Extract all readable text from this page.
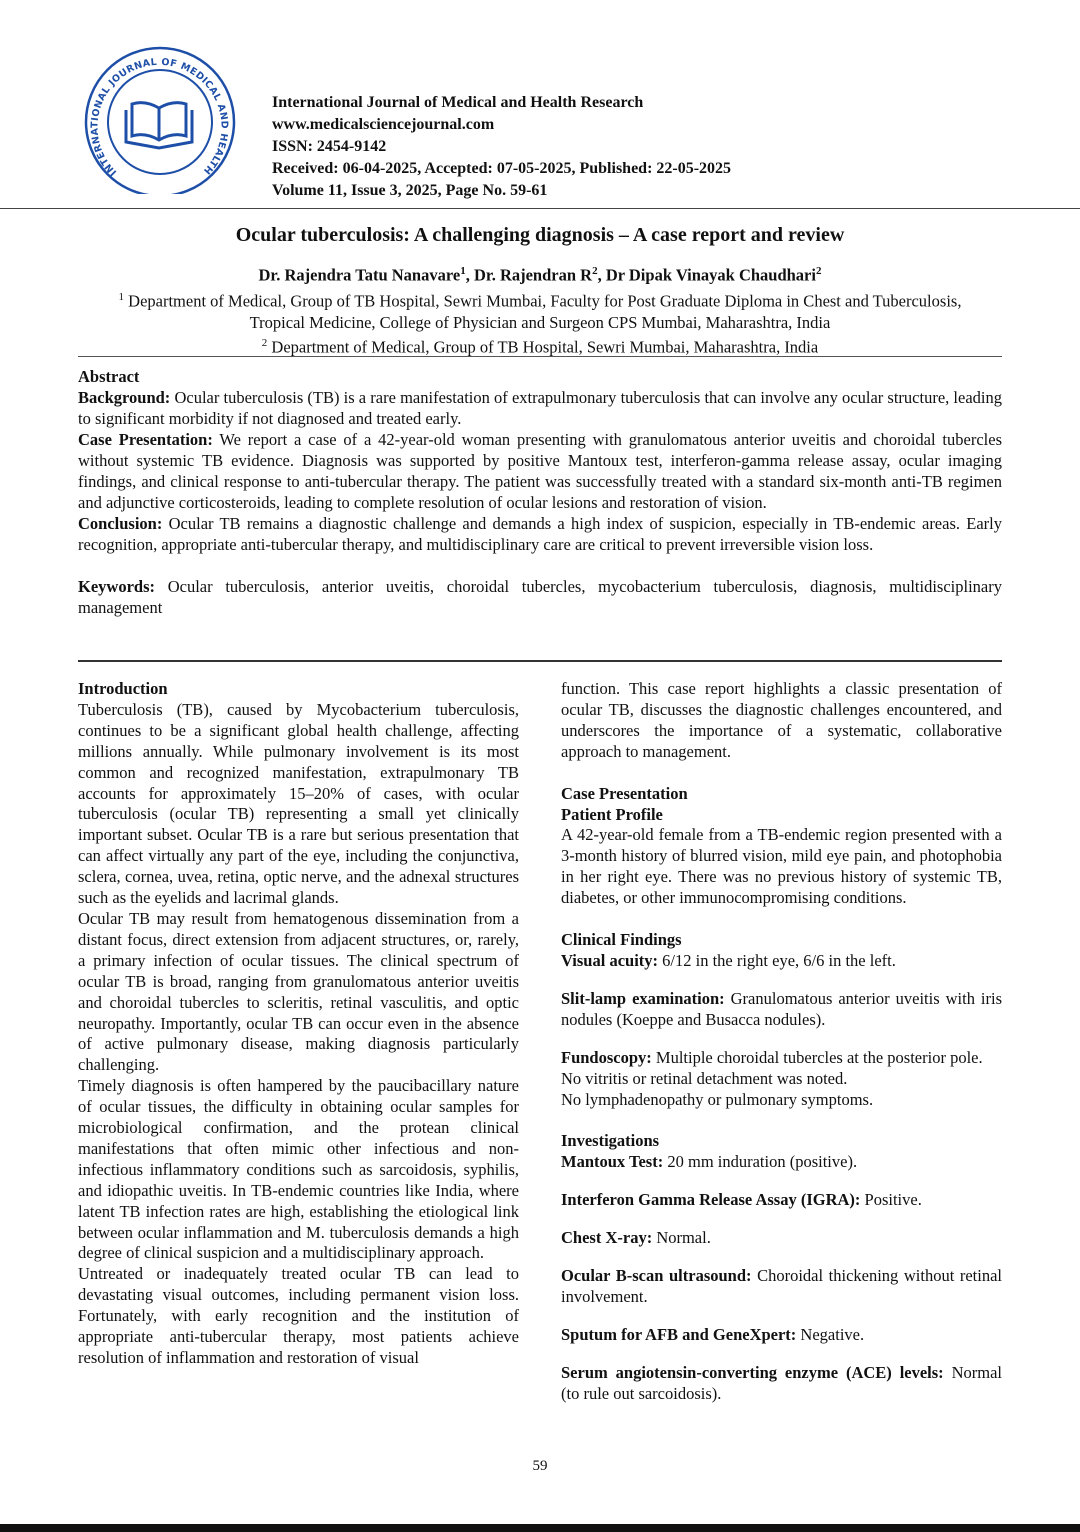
INTERNATIONAL JOURNAL OF MEDICAL AND HEALTH
International Journal of Medical and Health Research
www.medicalsciencejournal.com
ISSN: 2454-9142
Received: 06-04-2025, Accepted: 07-05-2025, Published: 22-05-2025
Volume 11, Issue 3, 2025, Page No. 59-61
Ocular tuberculosis: A challenging diagnosis – A case report and review
Dr. Rajendra Tatu Nanavare$^1$, Dr. Rajendran $R^2$, Dr Dipak Vinayak Chaudhari$^2$
$^1$ Department of Medical, Group of TB Hospital, Sewri Mumbai, Faculty for Post Graduate Diploma in Chest and Tuberculosis, Tropical Medicine, College of Physician and Surgeon CPS Mumbai, Maharashtra, India
$^2$ Department of Medical, Group of TB Hospital, Sewri Mumbai, Maharashtra, India

Abstract

Background: Ocular tuberculosis (TB) is a rare manifestation of extrapulmonary tuberculosis that can involve any ocular structure, leading to significant morbidity if not diagnosed and treated early.

Case Presentation: We report a case of a 42-year-old woman presenting with granulomatous anterior uveitis and choroidal tubercles without systemic TB evidence. Diagnosis was supported by positive Mantoux test, interferon-gamma release assay, ocular imaging findings, and clinical response to anti-tubercular therapy. The patient was successfully treated with a standard six-month anti-TB regimen and adjunctive corticosteroids, leading to complete resolution of ocular lesions and restoration of vision.

Conclusion: Ocular TB remains a diagnostic challenge and demands a high index of suspicion, especially in TB-endemic areas. Early recognition, appropriate anti-tubercular therapy, and multidisciplinary care are critical to prevent irreversible vision loss.

Keywords: Ocular tuberculosis, anterior uveitis, choroidal tubercles, mycobacterium tuberculosis, diagnosis, multidisciplinary management

Introduction

Tuberculosis (TB), caused by Mycobacterium tuberculosis, continues to be a significant global health challenge, affecting millions annually. While pulmonary involvement is its most common and recognized manifestation, extrapulmonary TB accounts for approximately 15–20% of cases, with ocular tuberculosis (ocular TB) representing a small yet clinically important subset. Ocular TB is a rare but serious presentation that can affect virtually any part of the eye, including the conjunctiva, sclera, cornea, uvea, retina, optic nerve, and the adnexal structures such as the eyelids and lacrimal glands.

Ocular TB may result from hematogenous dissemination from a distant focus, direct extension from adjacent structures, or, rarely, a primary infection of ocular tissues. The clinical spectrum of ocular TB is broad, ranging from granulomatous anterior uveitis and choroidal tubercles to scleritis, retinal vasculitis, and optic neuropathy. Importantly, ocular TB can occur even in the absence of active pulmonary disease, making diagnosis particularly challenging.

Timely diagnosis is often hampered by the paucibacillary nature of ocular tissues, the difficulty in obtaining ocular samples for microbiological confirmation, and the protean clinical manifestations that often mimic other infectious and non-infectious inflammatory conditions such as sarcoidosis, syphilis, and idiopathic uveitis. In TB-endemic countries like India, where latent TB infection rates are high, establishing the etiological link between ocular inflammation and M. tuberculosis demands a high degree of clinical suspicion and a multidisciplinary approach.

Untreated or inadequately treated ocular TB can lead to devastating visual outcomes, including permanent vision loss. Fortunately, with early recognition and the institution of appropriate anti-tubercular therapy, most patients achieve resolution of inflammation and restoration of visual

function. This case report highlights a classic presentation of ocular TB, discusses the diagnostic challenges encountered, and underscores the importance of a systematic, collaborative approach to management.

Case Presentation

Patient Profile

A 42-year-old female from a TB-endemic region presented with a 3-month history of blurred vision, mild eye pain, and photophobia in her right eye. There was no previous history of systemic TB, diabetes, or other immunocompromising conditions.

Clinical Findings

Visual acuity: 6/12 in the right eye, 6/6 in the left.

Slit-lamp examination: Granulomatous anterior uveitis with iris nodules (Koeppe and Busacca nodules).

Fundoscopy: Multiple choroidal tubercles at the posterior pole.

No vitritis or retinal detachment was noted.

No lymphadenopathy or pulmonary symptoms.

Investigations

Mantoux Test: 20 mm induration (positive).

Interferon Gamma Release Assay (IGRA): Positive.

Chest X-ray: Normal.

Ocular B-scan ultrasound: Choroidal thickening without retinal involvement.

Sputum for AFB and GeneXpert: Negative.

Serum angiotensin-converting enzyme (ACE) levels: Normal (to rule out sarcoidosis).

59
